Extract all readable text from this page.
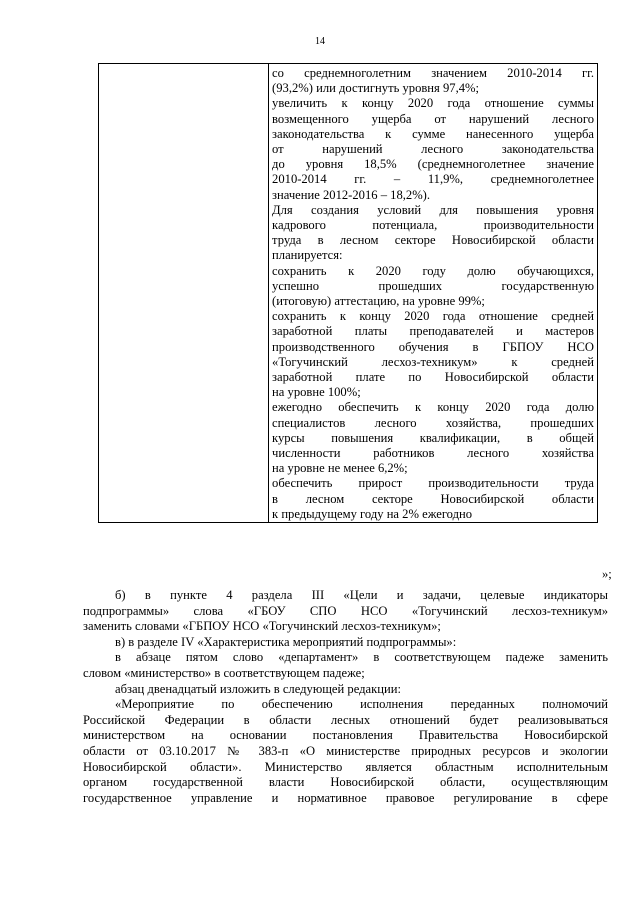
14

со среднемноголетним значением 2010-2014 гг.
(93,2%) или достигнуть уровня 97,4%;
увеличить к концу 2020 года отношение суммы
возмещенного ущерба от нарушений лесного
законодательства к сумме нанесенного ущерба
от нарушений лесного законодательства
до уровня 18,5% (среднемноголетнее значение
2010-2014 гг. – 11,9%, среднемноголетнее
значение 2012-2016 – 18,2%).
Для создания условий для повышения уровня
кадрового потенциала, производительности
труда в лесном секторе Новосибирской области
планируется:
сохранить к 2020 году долю обучающихся,
успешно прошедших государственную
(итоговую) аттестацию, на уровне 99%;
сохранить к концу 2020 года отношение средней
заработной платы преподавателей и мастеров
производственного обучения в ГБПОУ НСО
«Тогучинский лесхоз-техникум» к средней
заработной плате по Новосибирской области
на уровне 100%;
ежегодно обеспечить к концу 2020 года долю
специалистов лесного хозяйства, прошедших
курсы повышения квалификации, в общей
численности работников лесного хозяйства
на уровне не менее 6,2%;
обеспечить прирост производительности труда
в лесном секторе Новосибирской области
к предыдущему году на 2% ежегодно
»;
б) в пункте 4 раздела III «Цели и задачи, целевые индикаторы
подпрограммы» слова «ГБОУ СПО НСО «Тогучинский лесхоз-техникум»
заменить словами «ГБПОУ НСО «Тогучинский лесхоз-техникум»;
в) в разделе IV «Характеристика мероприятий подпрограммы»:
в абзаце пятом слово «департамент» в соответствующем падеже заменить
словом «министерство» в соответствующем падеже;
абзац двенадцатый изложить в следующей редакции:
«Мероприятие по обеспечению исполнения переданных полномочий
Российской Федерации в области лесных отношений будет реализовываться
министерством на основании постановления Правительства Новосибирской
области от 03.10.2017 № 383-п «О министерстве природных ресурсов и экологии
Новосибирской области». Министерство является областным исполнительным
органом государственной власти Новосибирской области, осуществляющим
государственное управление и нормативное правовое регулирование в сфере
